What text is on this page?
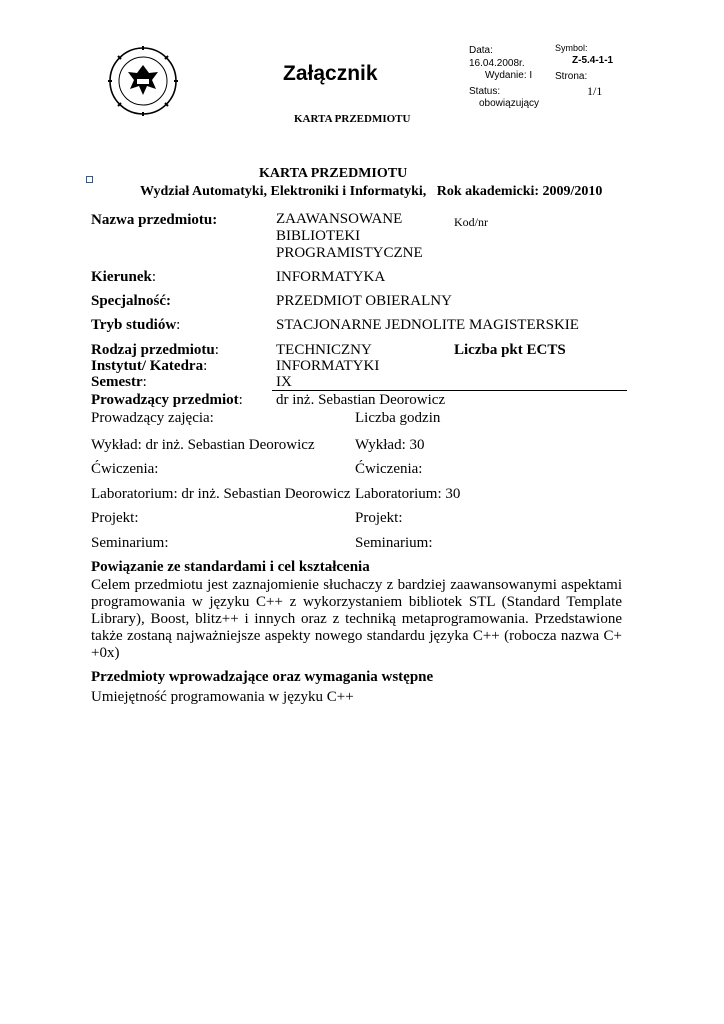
Załącznik
Data:
16.04.2008r.
Wydanie: I
Status:
obowiązujący
Symbol:
Z-5.4-1-1
Strona:
1/1
KARTA PRZEDMIOTU
KARTA PRZEDMIOTU
Wydział Automatyki, Elektroniki i Informatyki,   Rok akademicki: 2009/2010
Nazwa przedmiotu:	ZAAWANSOWANE
BIBLIOTEKI
PROGRAMISTYCZNE
Kod/nr
Kierunek:	INFORMATYKA
Specjalność:	PRZEDMIOT OBIERALNY
Tryb studiów:	STACJONARNE JEDNOLITE MAGISTERSKIE
Rodzaj przedmiotu:	TECHNICZNY	Liczba pkt ECTS
Instytut/ Katedra:	INFORMATYKI
Semestr:	IX
Prowadzący przedmiot: dr inż. Sebastian Deorowicz
Prowadzący zajęcia:	Liczba godzin
Wykład: dr inż. Sebastian Deorowicz	Wykład: 30
Ćwiczenia:	Ćwiczenia:
Laboratorium: dr inż. Sebastian Deorowicz Laboratorium: 30
Projekt:	Projekt:
Seminarium:	Seminarium:
Powiązanie ze standardami i cel kształcenia

Celem przedmiotu jest zaznajomienie słuchaczy z bardziej zaawansowanymi aspektami programowania w języku C++ z wykorzystaniem bibliotek STL (Standard Template Library), Boost, blitz++ i innych oraz z techniką metaprogramowania. Przedstawione także zostaną najważniejsze aspekty nowego standardu języka C++ (robocza nazwa C+ +0x)

Przedmioty wprowadzające oraz wymagania wstępne
Umiejętność programowania w języku C++
